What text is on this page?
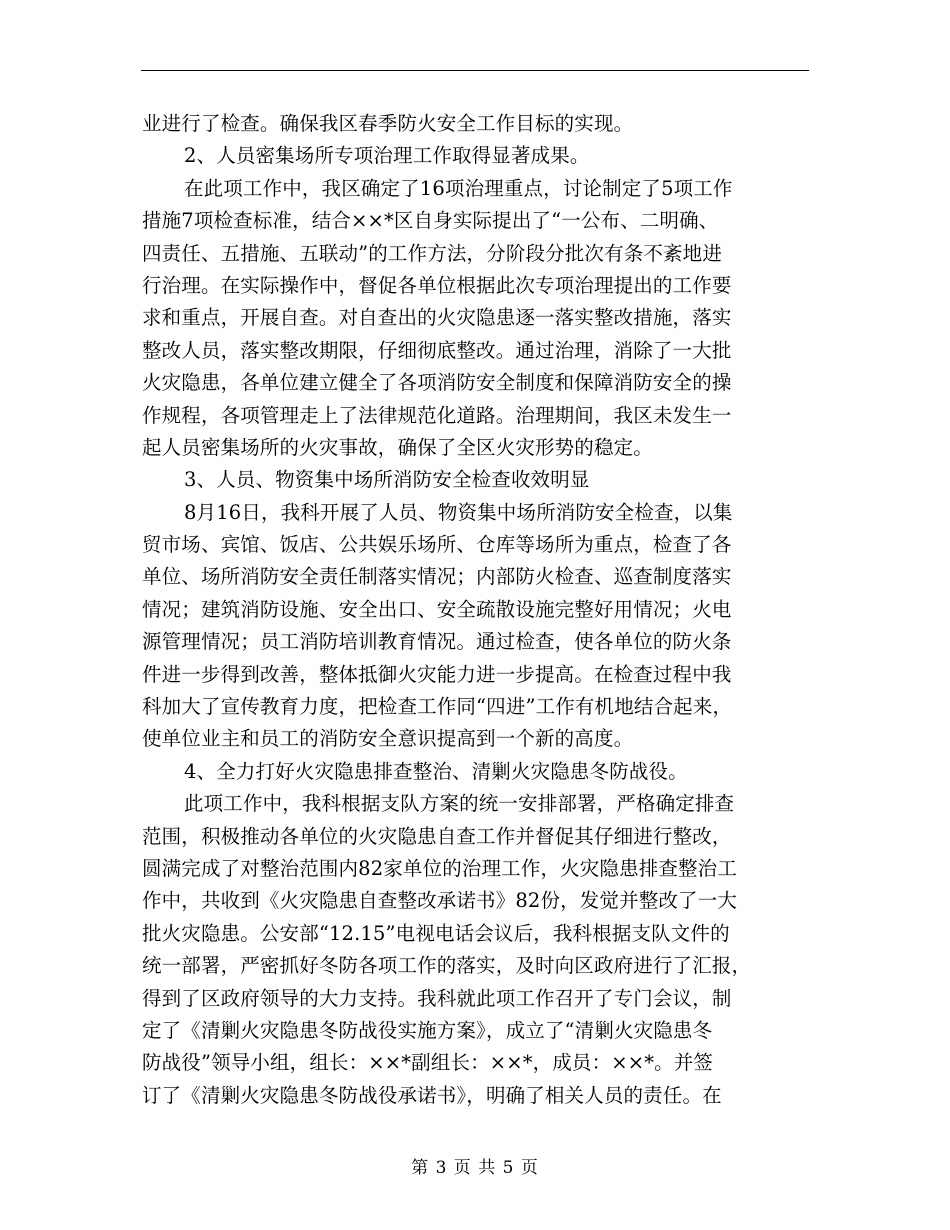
业进行了检查。确保我区春季防火安全工作目标的实现。
2、人员密集场所专项治理工作取得显著成果。
在此项工作中，我区确定了16项治理重点，讨论制定了5项工作
措施7项检查标准，结合××*区自身实际提出了“一公布、二明确、
四责任、五措施、五联动”的工作方法，分阶段分批次有条不紊地进
行治理。在实际操作中，督促各单位根据此次专项治理提出的工作要
求和重点，开展自查。对自查出的火灾隐患逐一落实整改措施，落实
整改人员，落实整改期限，仔细彻底整改。通过治理，消除了一大批
火灾隐患，各单位建立健全了各项消防安全制度和保障消防安全的操
作规程，各项管理走上了法律规范化道路。治理期间，我区未发生一
起人员密集场所的火灾事故，确保了全区火灾形势的稳定。
3、人员、物资集中场所消防安全检查收效明显
8月16日，我科开展了人员、物资集中场所消防安全检查，以集
贸市场、宾馆、饭店、公共娱乐场所、仓库等场所为重点，检查了各
单位、场所消防安全责任制落实情况；内部防火检查、巡查制度落实
情况；建筑消防设施、安全出口、安全疏散设施完整好用情况；火电
源管理情况；员工消防培训教育情况。通过检查，使各单位的防火条
件进一步得到改善，整体抵御火灾能力进一步提高。在检查过程中我
科加大了宣传教育力度，把检查工作同“四进”工作有机地结合起来，
使单位业主和员工的消防安全意识提高到一个新的高度。
4、全力打好火灾隐患排查整治、清剿火灾隐患冬防战役。
此项工作中，我科根据支队方案的统一安排部署，严格确定排查
范围，积极推动各单位的火灾隐患自查工作并督促其仔细进行整改，
圆满完成了对整治范围内82家单位的治理工作，火灾隐患排查整治工
作中，共收到《火灾隐患自查整改承诺书》82份，发觉并整改了一大
批火灾隐患。公安部“12.15”电视电话会议后，我科根据支队文件的
统一部署，严密抓好冬防各项工作的落实，及时向区政府进行了汇报，
得到了区政府领导的大力支持。我科就此项工作召开了专门会议，制
定了《清剿火灾隐患冬防战役实施方案》，成立了“清剿火灾隐患冬
防战役”领导小组，组长：××*副组长：××*，成员：××*。并签
订了《清剿火灾隐患冬防战役承诺书》，明确了相关人员的责任。在
第 3 页 共 5 页
